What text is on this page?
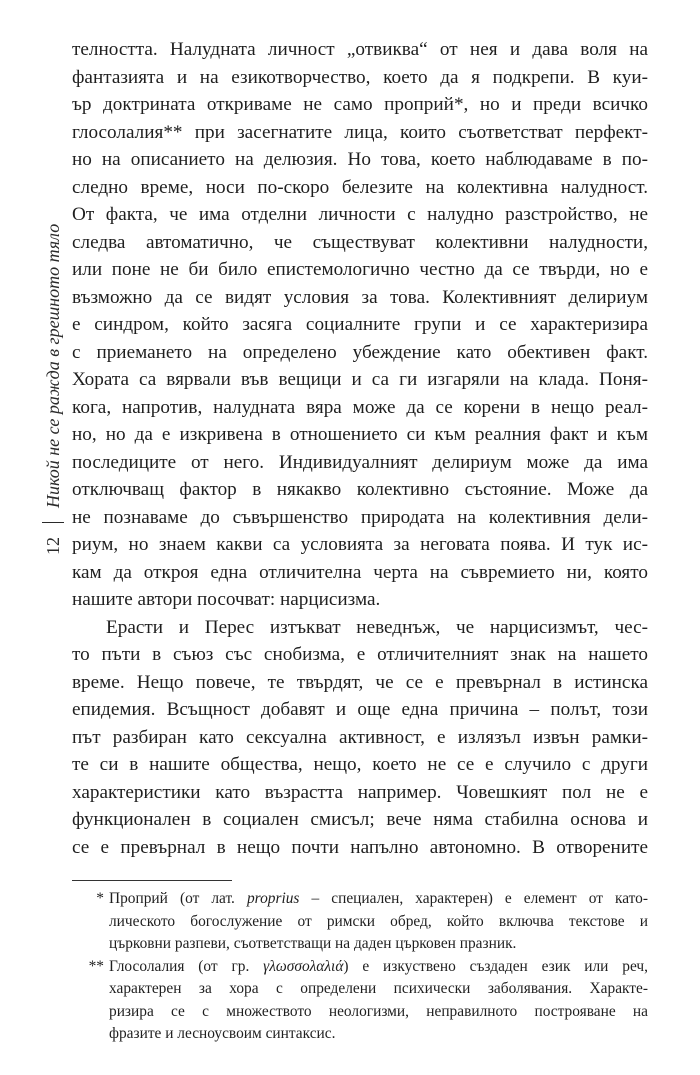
12
Никой не се ражда в грешното тяло
телността. Налудната личност „отвиква“ от нея и дава воля на
фантазията и на езикотворчество, което да я подкрепи. В куи-
ър доктрината откриваме не само проприй*, но и преди всичко
глосолалия** при засегнатите лица, които съответстват перфект-
но на описанието на делюзия. Но това, което наблюдаваме в по-
следно време, носи по-скоро белезите на колективна налудност.
От факта, че има отделни личности с налудно разстройство, не
следва автоматично, че съществуват колективни налудности,
или поне не би било епистемологично честно да се твърди, но е
възможно да се видят условия за това. Колективният делириум
е синдром, който засяга социалните групи и се характеризира
с приемането на определено убеждение като обективен факт.
Хората са вярвали във вещици и са ги изгаряли на клада. Поня-
кога, напротив, налудната вяра може да се корени в нещо реал-
но, но да е изкривена в отношението си към реалния факт и към
последиците от него. Индивидуалният делириум може да има
отключващ фактор в някакво колективно състояние. Може да
не познаваме до съвършенство природата на колективния дели-
риум, но знаем какви са условията за неговата поява. И тук ис-
кам да откроя една отличителна черта на съвремието ни, която
нашите автори посочват: нарцисизма.
Ерасти и Перес изтъкват неведнъж, че нарцисизмът, чес-
то пъти в съюз със снобизма, е отличителният знак на нашето
време. Нещо повече, те твърдят, че се е превърнал в истинска
епидемия. Всъщност добавят и още една причина – полът, този
път разбиран като сексуална активност, е излязъл извън рамки-
те си в нашите общества, нещо, което не се е случило с други
характеристики като възрастта например. Човешкият пол не е
функционален в социален смисъл; вече няма стабилна основа и
се е превърнал в нещо почти напълно автономно. В отворените
* Проприй (от лат. proprius – специален, характерен) е елемент от като-
лическото богослужение от римски обред, който включва текстове и
църковни разпеви, съответстващи на даден църковен празник.
** Глосолалия (от гр. γλωσσολαλιά) е изкуствено създаден език или реч,
характерен за хора с определени психически заболявания. Характе-
ризира се с множеството неологизми, неправилното построяване на
фразите и лесноусвоим синтаксис.
